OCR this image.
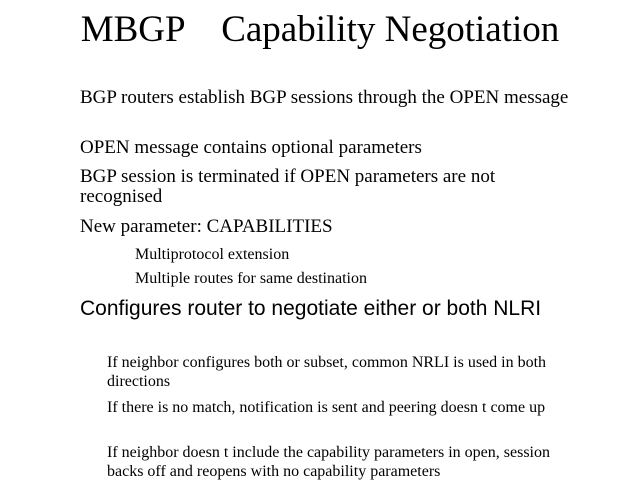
MBGP    Capability Negotiation

BGP routers establish BGP sessions through the OPEN message

OPEN message contains optional parameters

BGP session is terminated if OPEN parameters are not recognised

New parameter: CAPABILITIES

Multiprotocol extension

Multiple routes for same destination

Configures router to negotiate either or both NLRI

If neighbor configures both or subset, common NRLI is used in both directions

If there is no match, notification is sent and peering doesn t come up

If neighbor doesn t include the capability parameters in open, session backs off and reopens with no capability parameters
